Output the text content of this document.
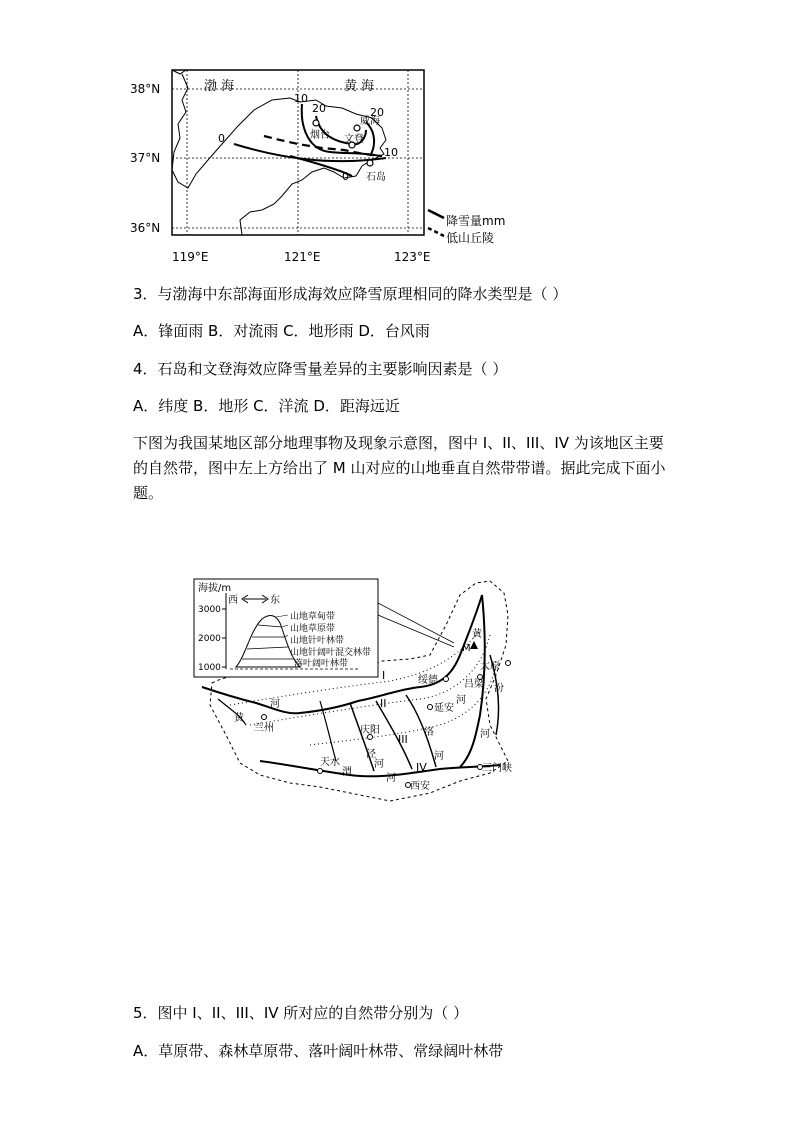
38°N
37°N
36°N
119°E	121°E	123°E
渤 海	黄 海
10
20	20
10
0
0
烟台
威海
文登
石岛
降雪量mm
低山丘陵
3．与渤海中东部海面形成海效应降雪原理相同的降水类型是（ ）
A．锋面雨 B．对流雨 C．地形雨 D．台风雨
4．石岛和文登海效应降雪量差异的主要影响因素是（ ）
A．纬度 B．地形 C．洋流 D．距海远近
下图为我国某地区部分地理事物及现象示意图，图中 I、II、III、IV 为该地区主要的自然带，图中左上方给出了 M 山对应的山地垂直自然带带谱。据此完成下面小题。
海拔/m
3000
2000
1000
西	东
山地草甸带
山地草原带
山地针叶林带
山地针阔叶混交林带
落叶阔叶林带
I
II
III
IV
M
太原
绥德	吕梁
延安
兰州	庆阳
天水
西安
三门峡
黄
河
黄
河
汾
河
洛
河
泾
河
渭
河
5．图中 I、II、III、IV 所对应的自然带分别为（ ）
A．草原带、森林草原带、落叶阔叶林带、常绿阔叶林带
